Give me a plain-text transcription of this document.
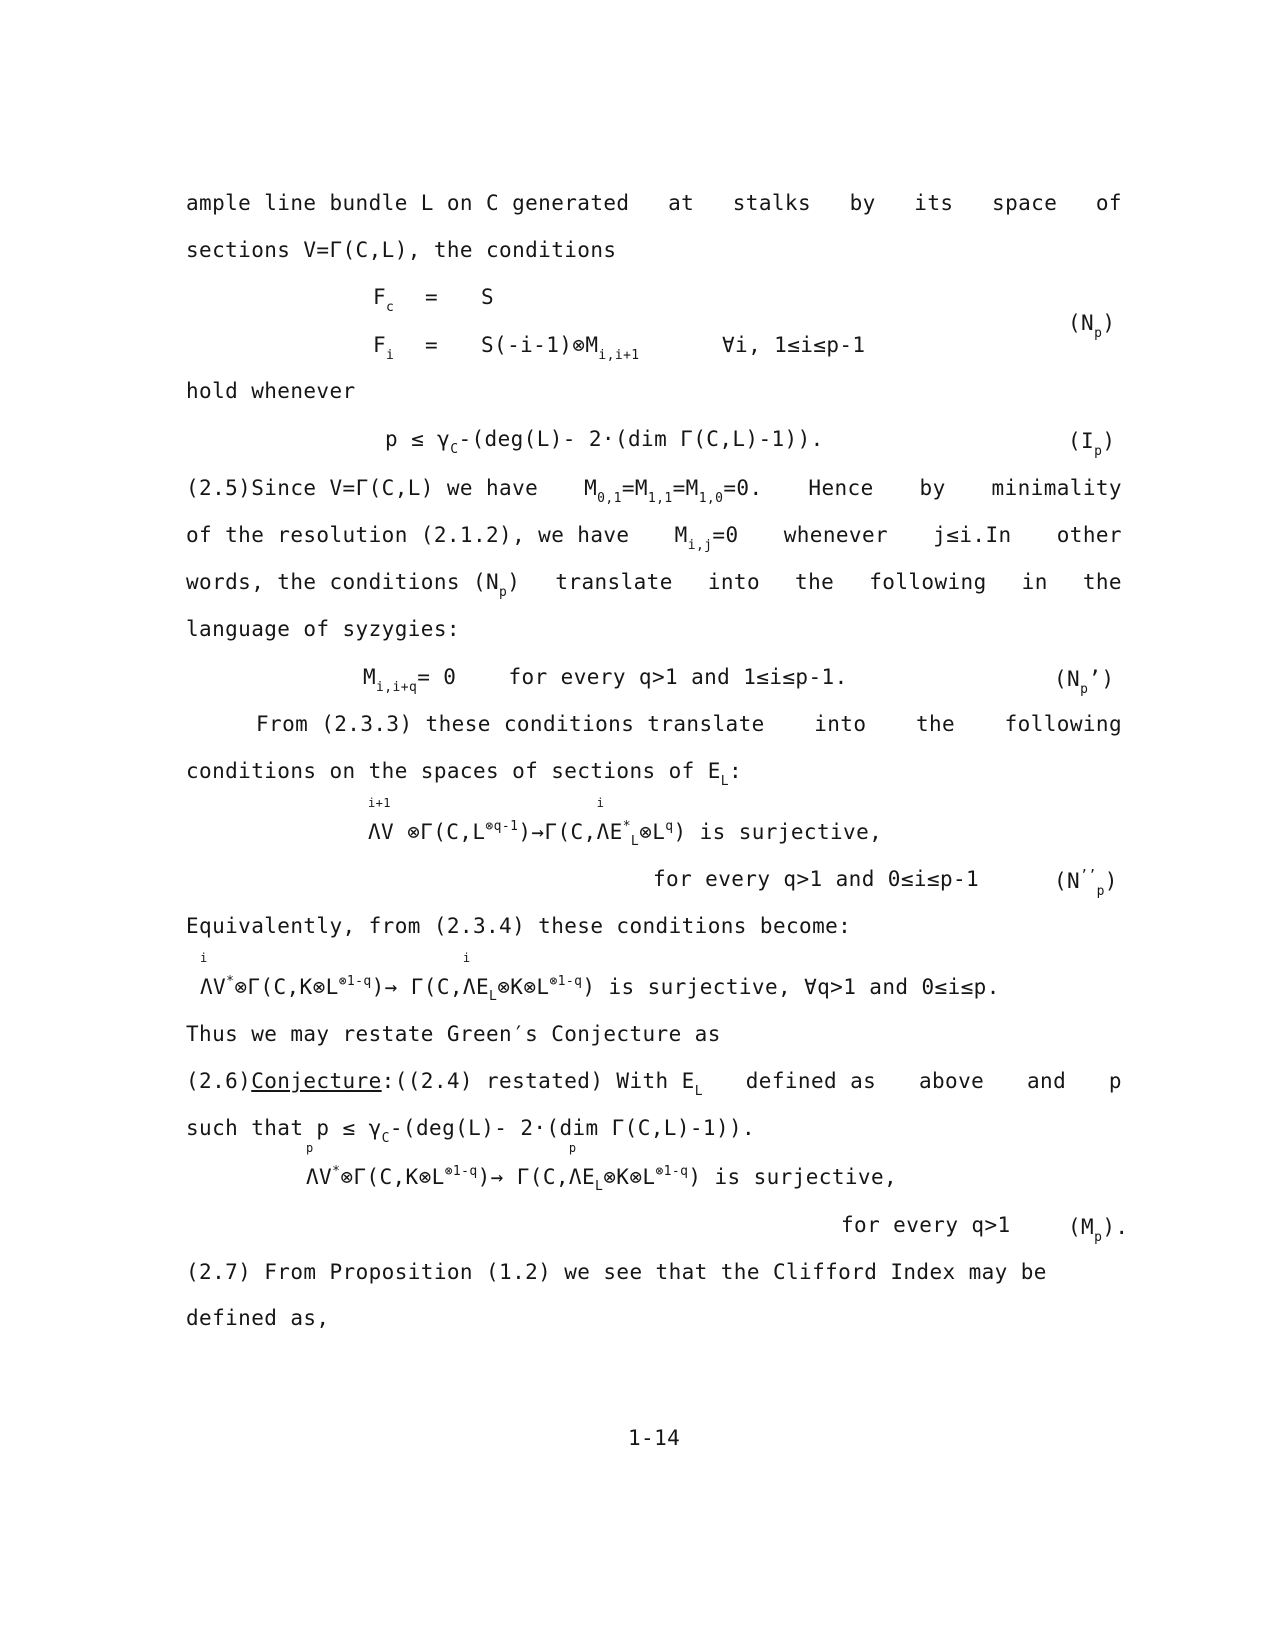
ample line bundle L on C generated at stalks by its space of
sections V=Γ(C,L), the conditions
$F_c = S$
$F_i$ = $S(-i-1)\otimes M_{i,i+1}$	∀i, 1≤i≤p-1
$(N_p)$
hold whenever
$p \le \gamma_C-(deg(L)-$ 2·(dim Γ(C,L)-1)).	$(I_p)$
(2.5)Since V=Γ(C,L) we have $M_{0,1}=M_{1,1}=M_{1,0}=0$. Hence by minimality
of the resolution (2.1.2), we have $M_{i,j}=0$ whenever j≤i.In other
words, the conditions $(N_p)$ translate into the following in the
language of syzygies:
$M_{i,i+q}= 0$    for every q>1 and 1≤i≤p-1.	$(N_p’)$
From (2.3.3) these conditions translate into the following
conditions on the spaces of sections of $E_L$:
i+1
ΛV $\otimes\Gamma(C,L^{\otimes q-1})\to\Gamma(C$,
i
$\Lambda E^*_L\otimes L^q$) is surjective,
for every q>1 and 0≤i≤p-1	$(N^{’’}_p)$
Equivalently, from (2.3.4) these conditions become:
i
$\Lambda V^*\otimes\Gamma(C,K\otimes L^{\otimes 1-q})\to \Gamma(C$,
i
$\Lambda E_L\otimes K\otimes L^{\otimes 1-q}$) is surjective, ∀q>1 and 0≤i≤p.
Thus we may restate Green′s Conjecture as
(2.6)Conjecture:((2.4) restated) With $E_L$ defined as above and p
such that $p \le \gamma_C-(deg(L)-$ 2·(dim Γ(C,L)-1)).
p
$\Lambda V^*\otimes\Gamma(C,K\otimes L^{\otimes 1-q})\to \Gamma(C$,
p
$\Lambda E_L\otimes K\otimes L^{\otimes 1-q}$) is surjective,
for every q>1	$(M_p)$.
(2.7) From Proposition (1.2) we see that the Clifford Index may be
defined as,
1-14
